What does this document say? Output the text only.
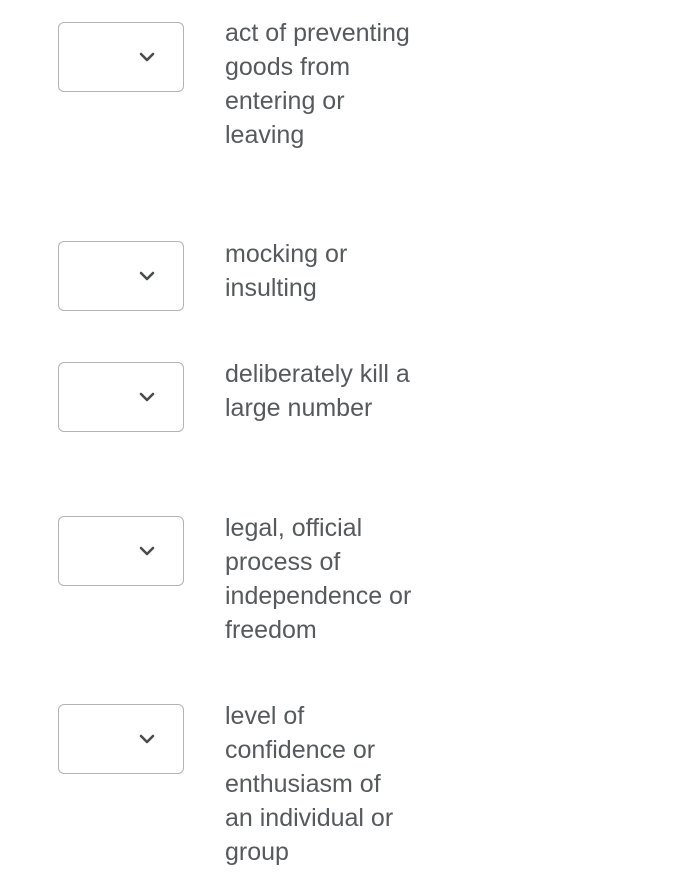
act of preventing goods from entering or leaving

mocking or insulting

deliberately kill a large number

legal, official process of independence or freedom

level of confidence or enthusiasm of an individual or group
